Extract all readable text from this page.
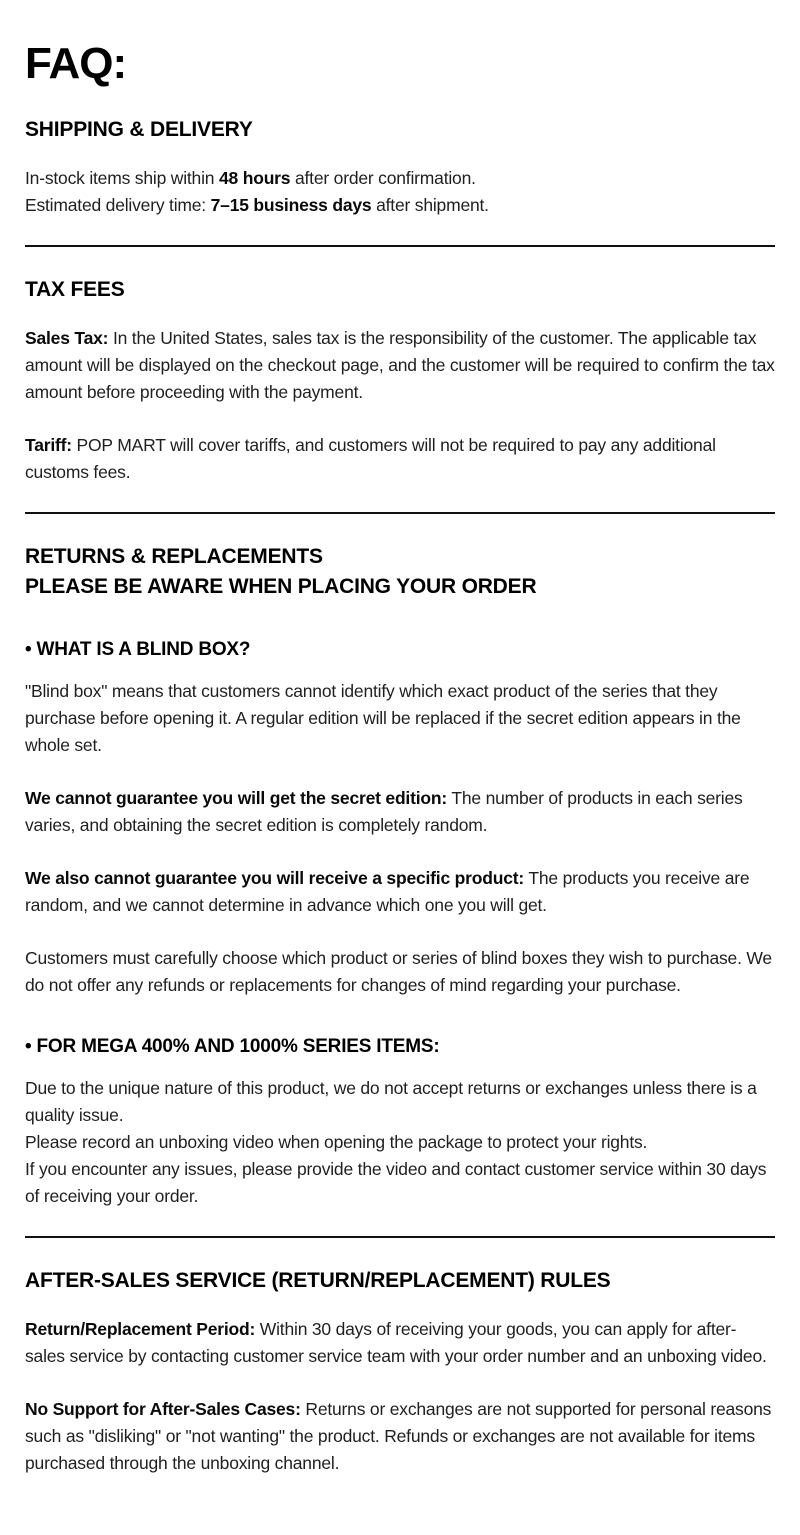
FAQ:
SHIPPING & DELIVERY

In-stock items ship within 48 hours after order confirmation.
Estimated delivery time: 7–15 business days after shipment.

TAX FEES

Sales Tax: In the United States, sales tax is the responsibility of the customer. The applicable tax amount will be displayed on the checkout page, and the customer will be required to confirm the tax amount before proceeding with the payment.

Tariff: POP MART will cover tariffs, and customers will not be required to pay any additional customs fees.

RETURNS & REPLACEMENTS
PLEASE BE AWARE WHEN PLACING YOUR ORDER
• WHAT IS A BLIND BOX?

"Blind box" means that customers cannot identify which exact product of the series that they purchase before opening it. A regular edition will be replaced if the secret edition appears in the whole set.

We cannot guarantee you will get the secret edition: The number of products in each series varies, and obtaining the secret edition is completely random.

We also cannot guarantee you will receive a specific product: The products you receive are random, and we cannot determine in advance which one you will get.

Customers must carefully choose which product or series of blind boxes they wish to purchase. We do not offer any refunds or replacements for changes of mind regarding your purchase.

• FOR MEGA 400% AND 1000% SERIES ITEMS:

Due to the unique nature of this product, we do not accept returns or exchanges unless there is a quality issue.
Please record an unboxing video when opening the package to protect your rights.
If you encounter any issues, please provide the video and contact customer service within 30 days of receiving your order.

AFTER-SALES SERVICE (RETURN/REPLACEMENT) RULES

Return/Replacement Period: Within 30 days of receiving your goods, you can apply for after-sales service by contacting customer service team with your order number and an unboxing video.

No Support for After-Sales Cases: Returns or exchanges are not supported for personal reasons such as "disliking" or "not wanting" the product. Refunds or exchanges are not available for items purchased through the unboxing channel.
